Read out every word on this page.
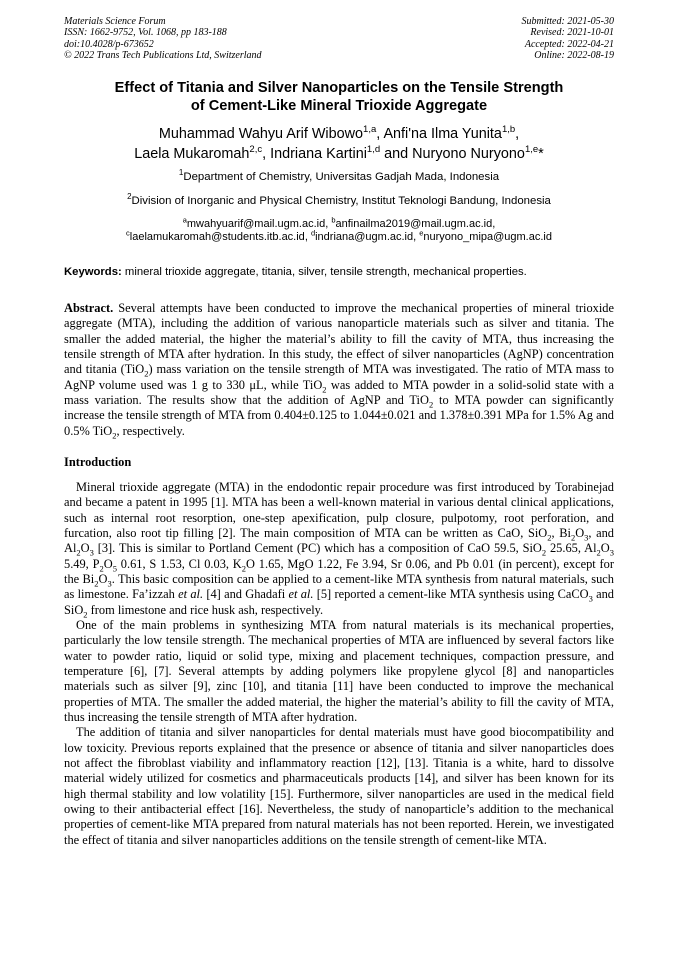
Materials Science Forum
ISSN: 1662-9752, Vol. 1068, pp 183-188
doi:10.4028/p-673652
© 2022 Trans Tech Publications Ltd, Switzerland
Submitted: 2021-05-30
Revised: 2021-10-01
Accepted: 2022-04-21
Online: 2022-08-19
Effect of Titania and Silver Nanoparticles on the Tensile Strength
of Cement-Like Mineral Trioxide Aggregate
Muhammad Wahyu Arif Wibowo$^{1,a}$, Anfi'na Ilma Yunita$^{1,b}$,
Laela Mukaromah$^{2,c}$, Indriana Kartini$^{1,d}$ and Nuryono Nuryono$^{1,e}$*
$^1$Department of Chemistry, Universitas Gadjah Mada, Indonesia
$^2$Division of Inorganic and Physical Chemistry, Institut Teknologi Bandung, Indonesia
$^a$mwahyuarif@mail.ugm.ac.id, $^b$anfinailma2019@mail.ugm.ac.id,
$^c$laelamukaromah@students.itb.ac.id, $^d$indriana@ugm.ac.id, $^e$nuryono_mipa@ugm.ac.id
Keywords: mineral trioxide aggregate, titania, silver, tensile strength, mechanical properties.
Abstract. Several attempts have been conducted to improve the mechanical properties of mineral trioxide aggregate (MTA), including the addition of various nanoparticle materials such as silver and titania. The smaller the added material, the higher the material’s ability to fill the cavity of MTA, thus increasing the tensile strength of MTA after hydration. In this study, the effect of silver nanoparticles (AgNP) concentration and titania (TiO$_2$) mass variation on the tensile strength of MTA was investigated. The ratio of MTA mass to AgNP volume used was 1 g to 330 μL, while TiO$_2$ was added to MTA powder in a solid-solid state with a mass variation. The results show that the addition of AgNP and TiO$_2$ to MTA powder can significantly increase the tensile strength of MTA from 0.404±0.125 to 1.044±0.021 and 1.378±0.391 MPa for 1.5% Ag and 0.5% TiO$_2$, respectively.
Introduction

Mineral trioxide aggregate (MTA) in the endodontic repair procedure was first introduced by Torabinejad and became a patent in 1995 [1]. MTA has been a well-known material in various dental clinical applications, such as internal root resorption, one-step apexification, pulp closure, pulpotomy, root perforation, and furcation, also root tip filling [2]. The main composition of MTA can be written as CaO, SiO$_2$, $Bi_2O_3$, and $Al_2O_3$ [3]. This is similar to Portland Cement (PC) which has a composition of CaO 59.5, SiO$_2$ 25.65, $Al_2O_3$ 5.49, $P_2O_5$ 0.61, S 1.53, Cl 0.03, $K_2O$ 1.65, MgO 1.22, Fe 3.94, Sr 0.06, and Pb 0.01 (in percent), except for the $Bi_2O_3$. This basic composition can be applied to a cement-like MTA synthesis from natural materials, such as limestone. Fa’izzah et al. [4] and Ghadafi et al. [5] reported a cement-like MTA synthesis using CaCO$_3$ and SiO$_2$ from limestone and rice husk ash, respectively.

One of the main problems in synthesizing MTA from natural materials is its mechanical properties, particularly the low tensile strength. The mechanical properties of MTA are influenced by several factors like water to powder ratio, liquid or solid type, mixing and placement techniques, compaction pressure, and temperature [6], [7]. Several attempts by adding polymers like propylene glycol [8] and nanoparticles materials such as silver [9], zinc [10], and titania [11] have been conducted to improve the mechanical properties of MTA. The smaller the added material, the higher the material’s ability to fill the cavity of MTA, thus increasing the tensile strength of MTA after hydration.

The addition of titania and silver nanoparticles for dental materials must have good biocompatibility and low toxicity. Previous reports explained that the presence or absence of titania and silver nanoparticles does not affect the fibroblast viability and inflammatory reaction [12], [13]. Titania is a white, hard to dissolve material widely utilized for cosmetics and pharmaceuticals products [14], and silver has been known for its high thermal stability and low volatility [15]. Furthermore, silver nanoparticles are used in the medical field owing to their antibacterial effect [16]. Nevertheless, the study of nanoparticle’s addition to the mechanical properties of cement-like MTA prepared from natural materials has not been reported. Herein, we investigated the effect of titania and silver nanoparticles additions on the tensile strength of cement-like MTA.
